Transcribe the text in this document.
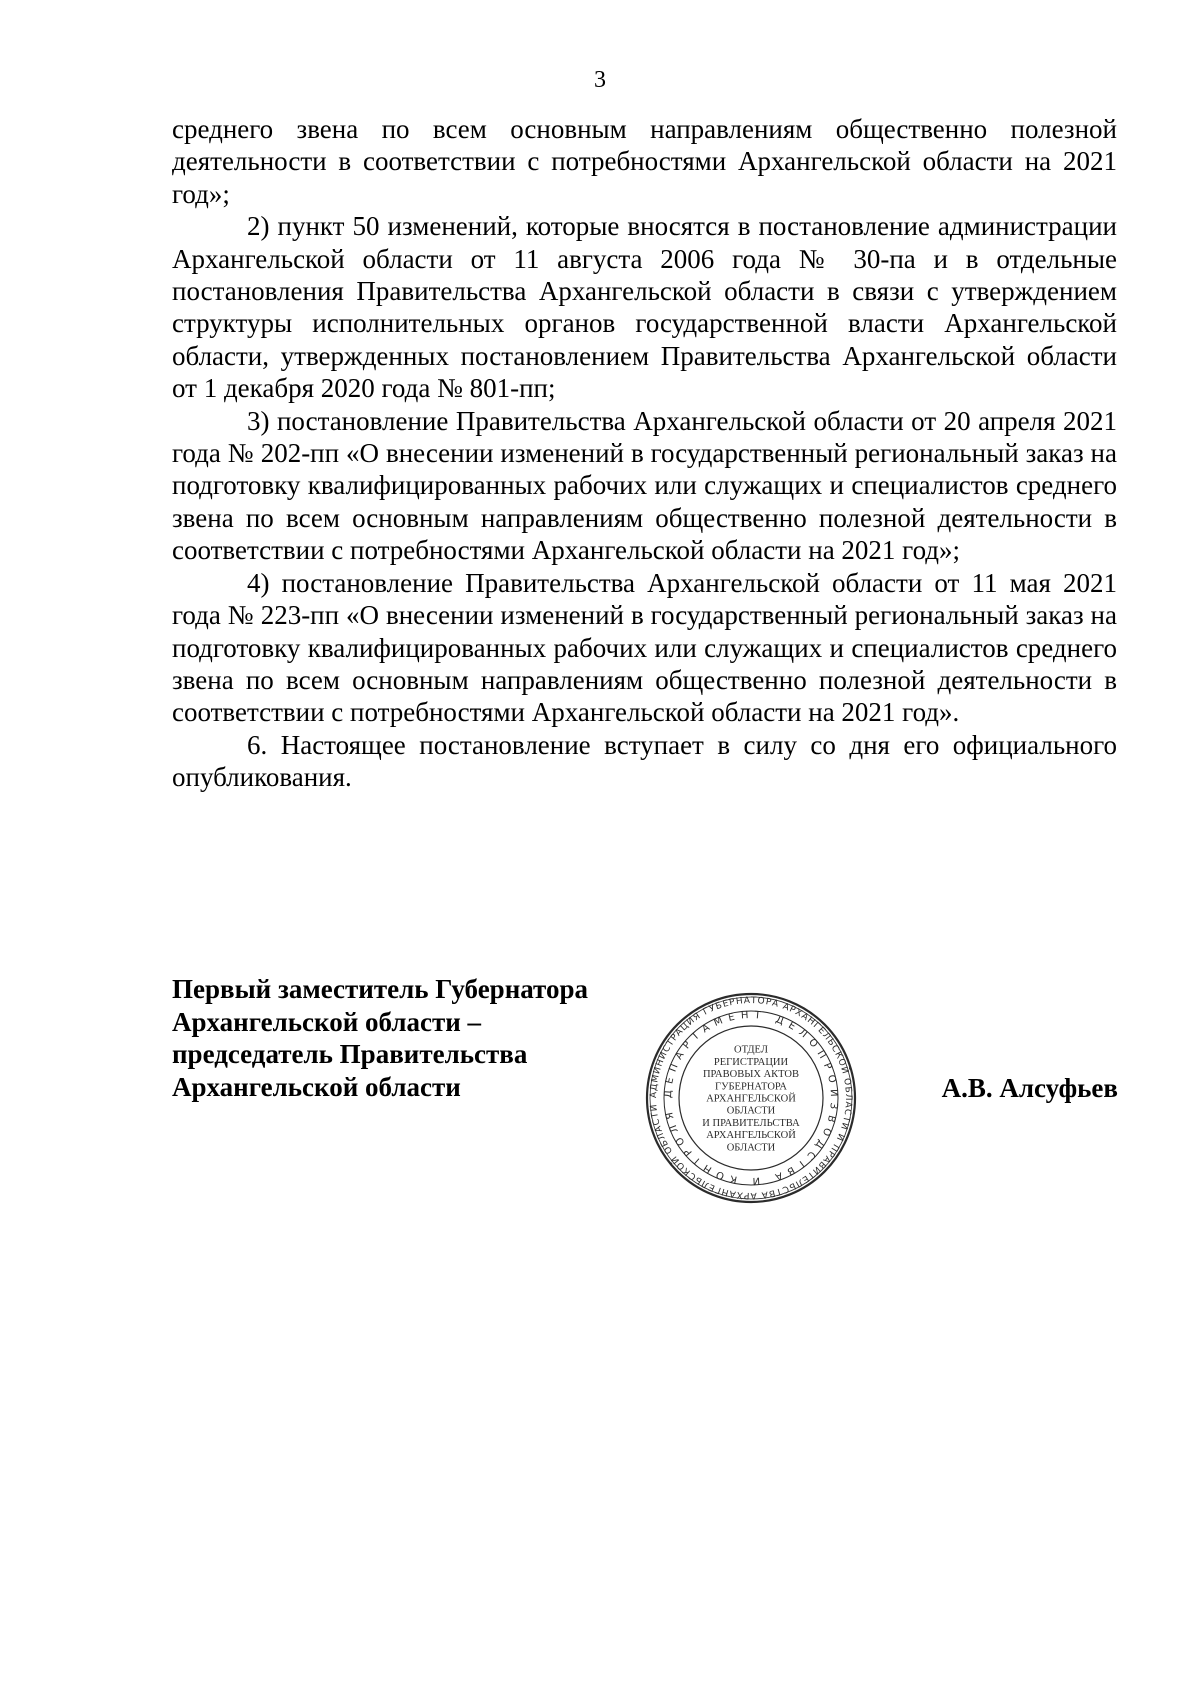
3

среднего звена по всем основным направлениям общественно полезной деятельности в соответствии с потребностями Архангельской области на 2021 год»;

2) пункт 50 изменений, которые вносятся в постановление администрации Архангельской области от 11 августа 2006 года № 30-па и в отдельные постановления Правительства Архангельской области в связи с утверждением структуры исполнительных органов государственной власти Архангельской области, утвержденных постановлением Правительства Архангельской области от 1 декабря 2020 года № 801-пп;

3) постановление Правительства Архангельской области от 20 апреля 2021 года № 202-пп «О внесении изменений в государственный региональный заказ на подготовку квалифицированных рабочих или служащих и специалистов среднего звена по всем основным направлениям общественно полезной деятельности в соответствии с потребностями Архангельской области на 2021 год»;

4) постановление Правительства Архангельской области от 11 мая 2021 года № 223-пп «О внесении изменений в государственный региональный заказ на подготовку квалифицированных рабочих или служащих и специалистов среднего звена по всем основным направлениям общественно полезной деятельности в соответствии с потребностями Архангельской области на 2021 год».

6. Настоящее постановление вступает в силу со дня его официального опубликования.

Первый заместитель Губернатора
Архангельской области –
председатель Правительства
Архангельской области	АДМИНИСТРАЦИЯ ГУБЕРНАТОРА АРХАНГЕЛЬСКОЙ ОБЛАСТИ И ПРАВИТЕЛЬСТВА АРХАНГЕЛЬСКОЙ ОБЛАСТИ
ДЕПАРТАМЕНТ ДЕЛОПРОИЗВОДСТВА И КОНТРОЛЯ
ОТДЕЛ
РЕГИСТРАЦИИ
ПРАВОВЫХ АКТОВ
ГУБЕРНАТОРА
АРХАНГЕЛЬСКОЙ
ОБЛАСТИ
И ПРАВИТЕЛЬСТВА
АРХАНГЕЛЬСКОЙ
ОБЛАСТИ
А.В. Алсуфьев
